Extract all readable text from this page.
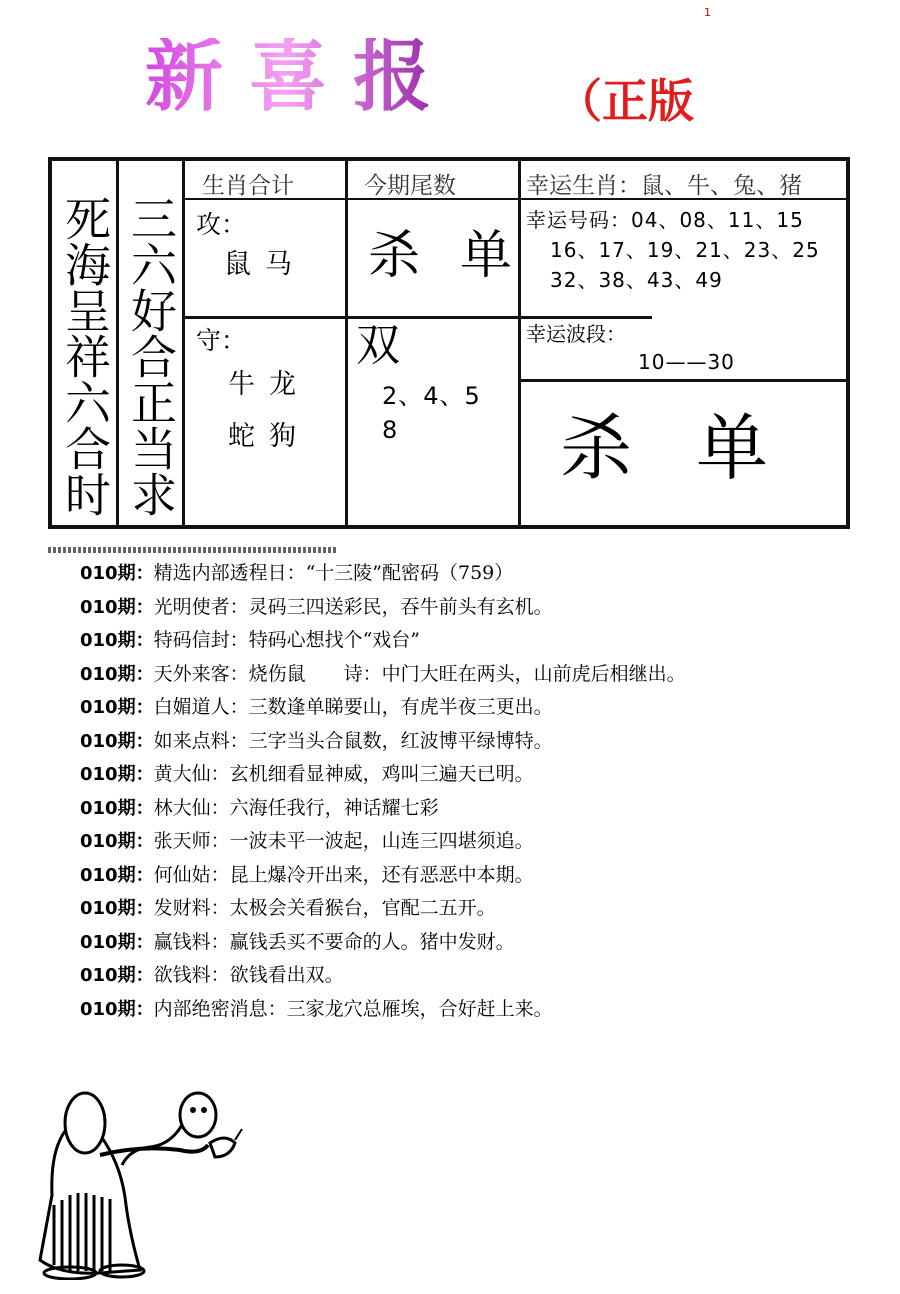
1
新喜报 （正版
死海呈祥六合时 三六好合正当求
生肖合计	今期尾数	幸运生肖：鼠、牛、兔、猪
攻：
鼠马 杀单
幸运号码：04、08、11、15
16、17、19、21、23、25
32、38、43、49
守：
牛龙
蛇狗
双
2、4、5
8
幸运波段：
10——30
杀单
010期：精选内部透程日：“十三陵”配密码（759）
010期：光明使者：灵码三四送彩民，吞牛前头有玄机。
010期：特码信封：特码心想找个“戏台”
010期：天外来客：烧伤鼠　　诗：中门大旺在两头，山前虎后相继出。
010期：白媚道人：三数逢单睇要山，有虎半夜三更出。
010期：如来点料：三字当头合鼠数，红波博平绿博特。
010期：黄大仙：玄机细看显神威，鸡叫三遍天已明。
010期：林大仙：六海任我行，神话耀七彩
010期：张天师：一波未平一波起，山连三四堪须追。
010期：何仙姑：昆上爆冷开出来，还有恶恶中本期。
010期：发财料：太极会关看猴台，官配二五开。
010期：赢钱料：赢钱丢买不要命的人。猪中发财。
010期：欲钱料：欲钱看出双。
010期：内部绝密消息：三家龙穴总雁埃，合好赶上来。
